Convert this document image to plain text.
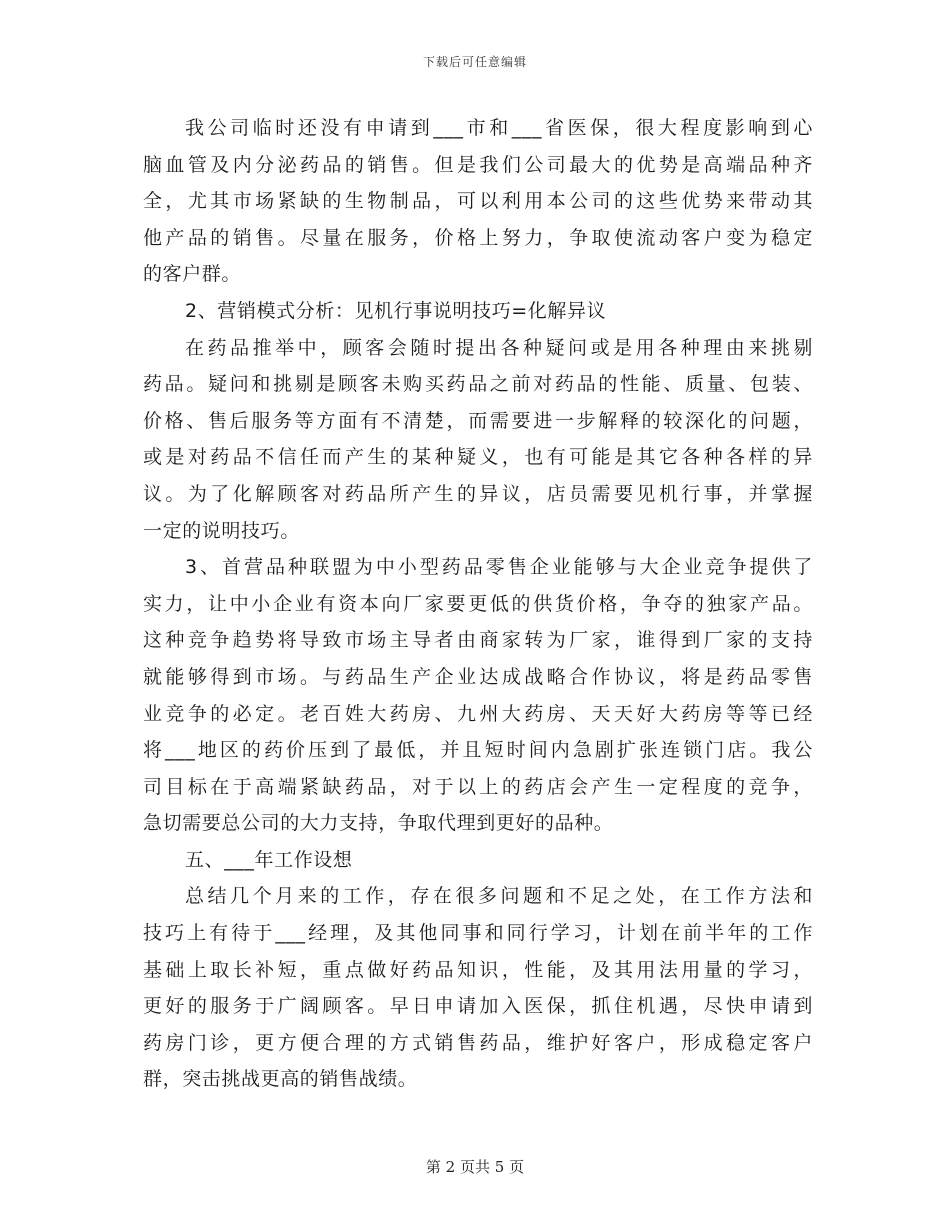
下载后可任意编辑
我公司临时还没有申请到___市和___省医保，很大程度影响到心
脑血管及内分泌药品的销售。但是我们公司最大的优势是高端品种齐
全，尤其市场紧缺的生物制品，可以利用本公司的这些优势来带动其
他产品的销售。尽量在服务，价格上努力，争取使流动客户变为稳定
的客户群。
2、营销模式分析：见机行事说明技巧=化解异议
在药品推举中，顾客会随时提出各种疑问或是用各种理由来挑剔
药品。疑问和挑剔是顾客未购买药品之前对药品的性能、质量、包装、
价格、售后服务等方面有不清楚，而需要进一步解释的较深化的问题，
或是对药品不信任而产生的某种疑义，也有可能是其它各种各样的异
议。为了化解顾客对药品所产生的异议，店员需要见机行事，并掌握
一定的说明技巧。
3、首营品种联盟为中小型药品零售企业能够与大企业竞争提供了
实力，让中小企业有资本向厂家要更低的供货价格，争夺的独家产品。
这种竞争趋势将导致市场主导者由商家转为厂家，谁得到厂家的支持
就能够得到市场。与药品生产企业达成战略合作协议，将是药品零售
业竞争的必定。老百姓大药房、九州大药房、天天好大药房等等已经
将___地区的药价压到了最低，并且短时间内急剧扩张连锁门店。我公
司目标在于高端紧缺药品，对于以上的药店会产生一定程度的竞争，
急切需要总公司的大力支持，争取代理到更好的品种。
五、___年工作设想
总结几个月来的工作，存在很多问题和不足之处，在工作方法和
技巧上有待于___经理，及其他同事和同行学习，计划在前半年的工作
基础上取长补短，重点做好药品知识，性能，及其用法用量的学习，
更好的服务于广阔顾客。早日申请加入医保，抓住机遇，尽快申请到
药房门诊，更方便合理的方式销售药品，维护好客户，形成稳定客户
群，突击挑战更高的销售战绩。
第 2 页共 5 页
